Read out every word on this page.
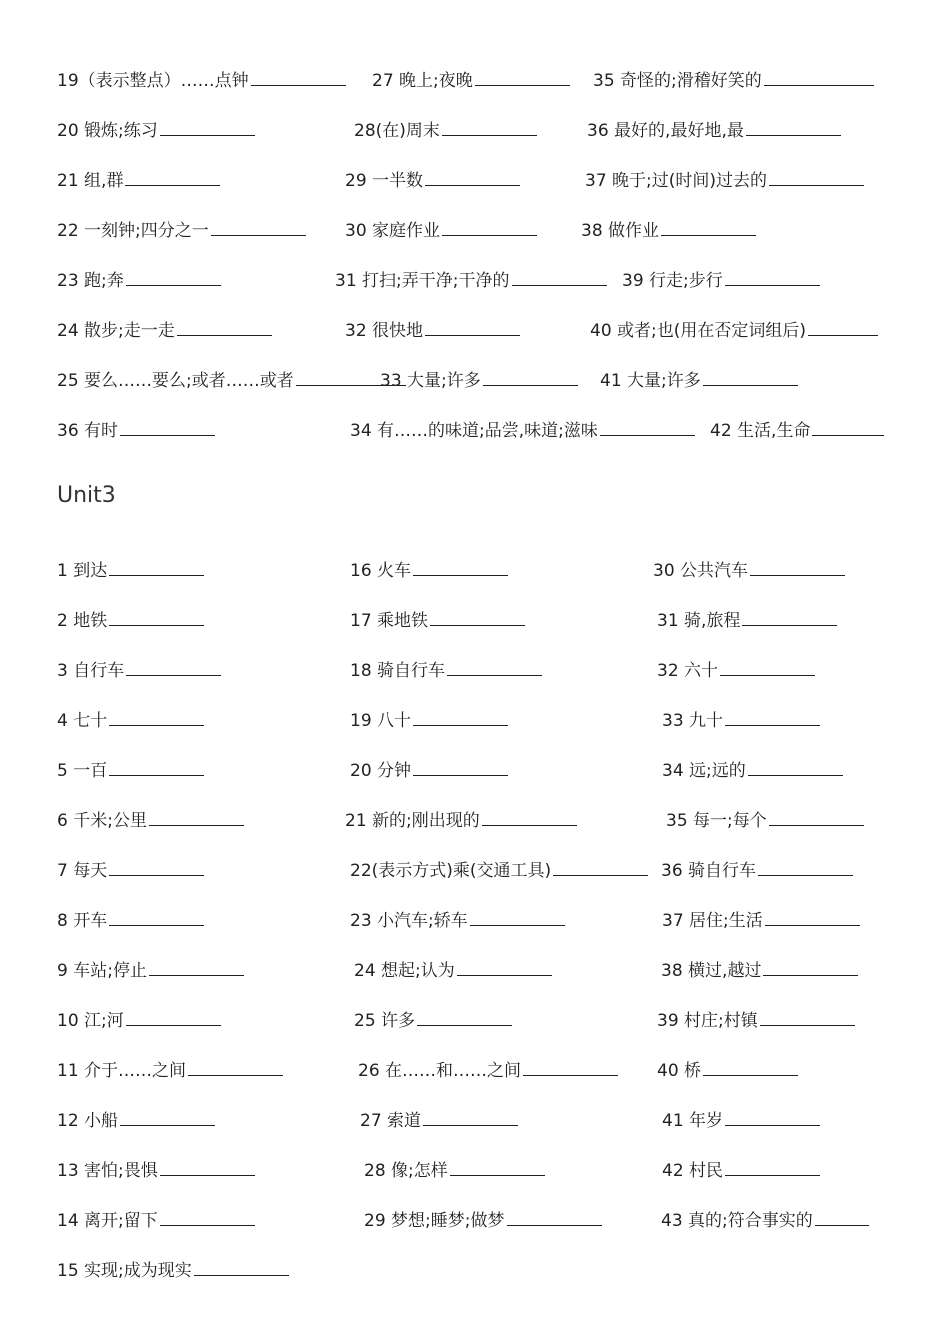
19（表示整点）……点钟	27 晚上;夜晚	35 奇怪的;滑稽好笑的
20 锻炼;练习	28(在)周末	36 最好的,最好地,最
21 组,群	29 一半数	37 晚于;过(时间)过去的
22 一刻钟;四分之一	30 家庭作业	38 做作业
23 跑;奔	31 打扫;弄干净;干净的	39 行走;步行
24 散步;走一走	32 很快地	40 或者;也(用在否定词组后)
25 要么……要么;或者……或者	33 大量;许多	41 大量;许多
36 有时	34 有……的味道;品尝,味道;滋味	42 生活,生命
Unit3
1 到达	16 火车	30 公共汽车
2 地铁	17 乘地铁	31 骑,旅程
3 自行车	18 骑自行车	32 六十
4 七十	19 八十	33 九十
5 一百	20 分钟	34 远;远的
6 千米;公里	21 新的;刚出现的	35 每一;每个
7 每天	22(表示方式)乘(交通工具)	36 骑自行车
8 开车	23 小汽车;轿车	37 居住;生活
9 车站;停止	24 想起;认为	38 横过,越过
10 江;河	25 许多	39 村庄;村镇
11 介于……之间	26 在……和……之间	40 桥
12 小船	27 索道	41 年岁
13 害怕;畏惧	28 像;怎样	42 村民
14 离开;留下	29 梦想;睡梦;做梦	43 真的;符合事实的
15 实现;成为现实
